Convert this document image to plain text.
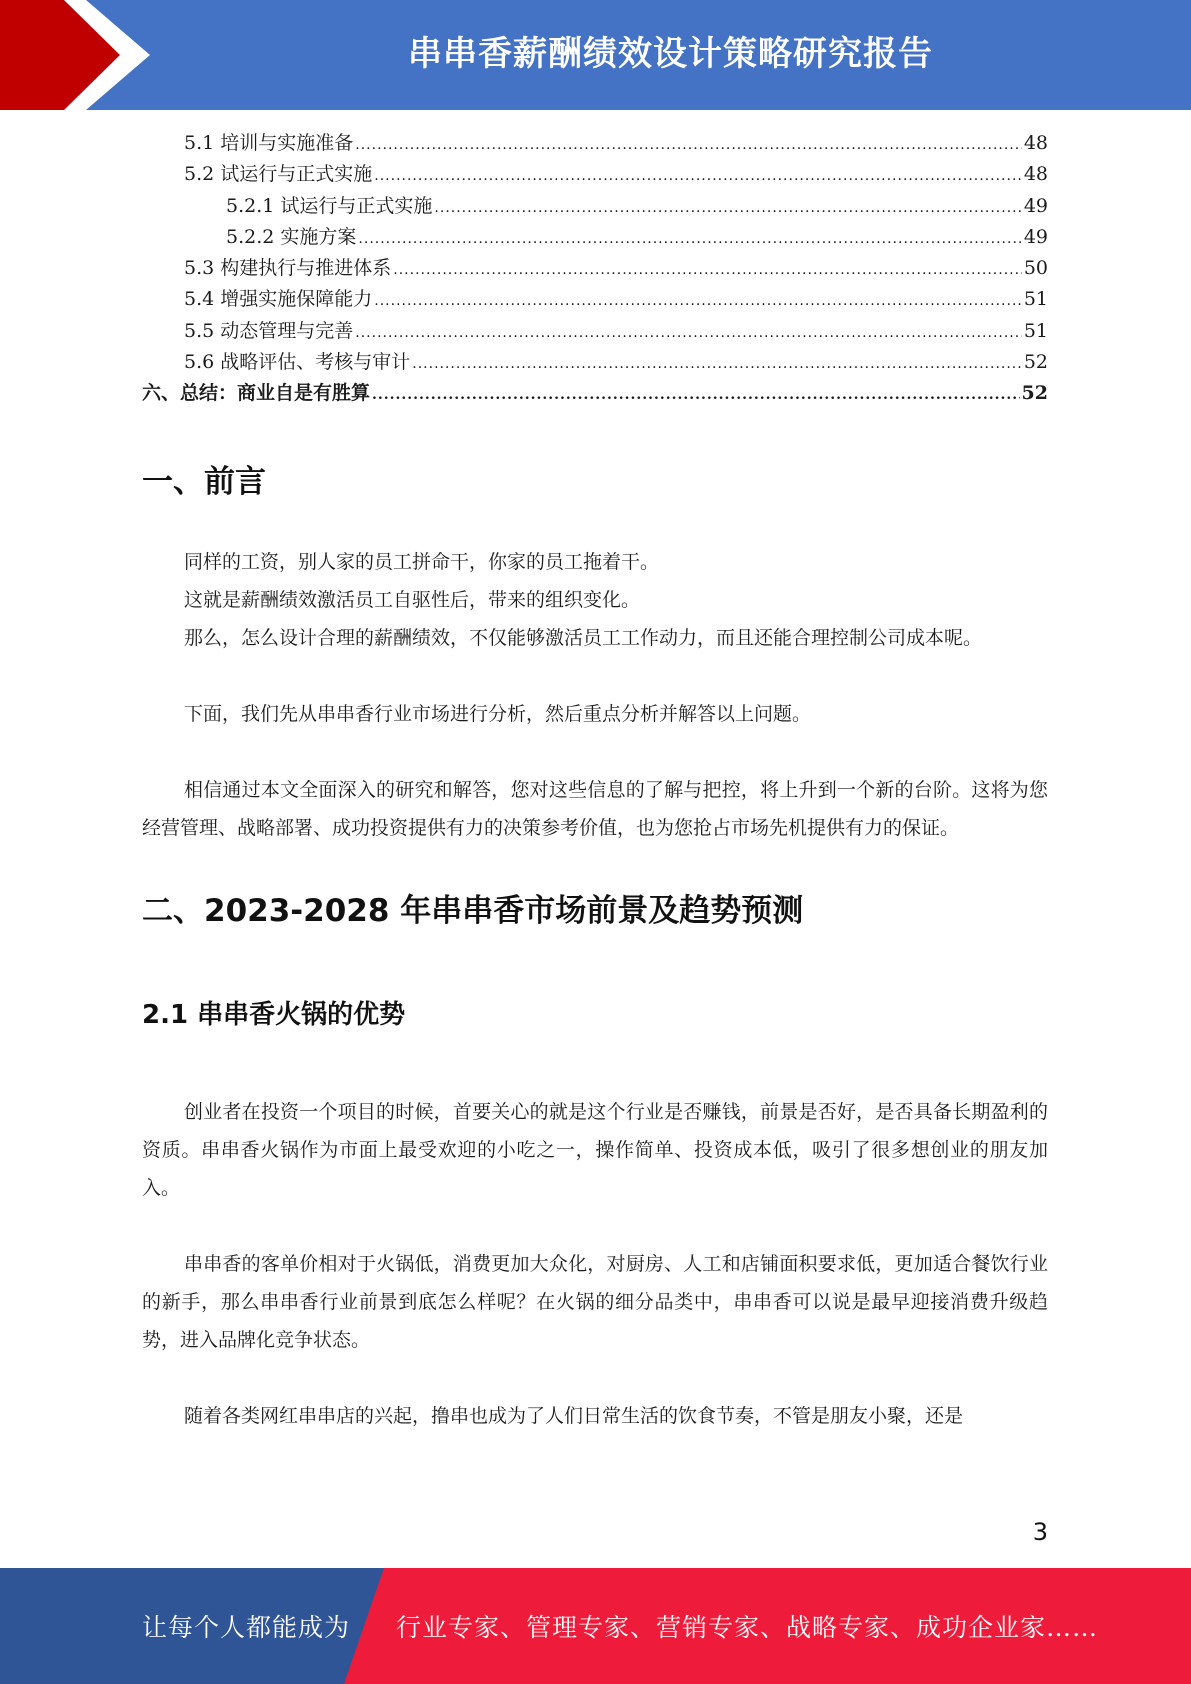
串串香薪酬绩效设计策略研究报告
5.1 培训与实施准备 .....	48
5.2 试运行与正式实施 .....	48
5.2.1 试运行与正式实施 .....	49
5.2.2 实施方案 .....	49
5.3 构建执行与推进体系 .....	50
5.4 增强实施保障能力 .....	51
5.5 动态管理与完善 .....	51
5.6 战略评估、考核与审计 .....	52
六、总结：商业自是有胜算 .....	52
一、前言

同样的工资，别人家的员工拼命干，你家的员工拖着干。

这就是薪酬绩效激活员工自驱性后，带来的组织变化。

那么，怎么设计合理的薪酬绩效，不仅能够激活员工工作动力，而且还能合理控制公司成本呢。

下面，我们先从串串香行业市场进行分析，然后重点分析并解答以上问题。

相信通过本文全面深入的研究和解答，您对这些信息的了解与把控，将上升到一个新的台阶。这将为您经营管理、战略部署、成功投资提供有力的决策参考价值，也为您抢占市场先机提供有力的保证。

二、2023-2028 年串串香市场前景及趋势预测
2.1 串串香火锅的优势

创业者在投资一个项目的时候，首要关心的就是这个行业是否赚钱，前景是否好，是否具备长期盈利的资质。串串香火锅作为市面上最受欢迎的小吃之一，操作简单、投资成本低，吸引了很多想创业的朋友加入。

串串香的客单价相对于火锅低，消费更加大众化，对厨房、人工和店铺面积要求低，更加适合餐饮行业的新手，那么串串香行业前景到底怎么样呢？在火锅的细分品类中，串串香可以说是最早迎接消费升级趋势，进入品牌化竞争状态。

随着各类网红串串店的兴起，撸串也成为了人们日常生活的饮食节奏，不管是朋友小聚，还是

3
让每个人都能成为 行业专家、管理专家、营销专家、战略专家、成功企业家……
